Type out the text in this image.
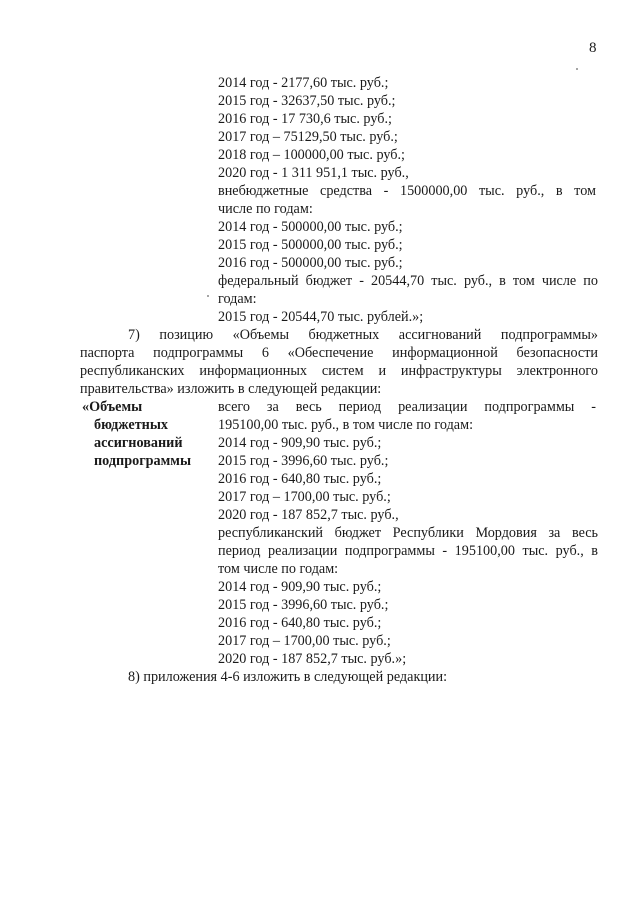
8
2014 год - 2177,60 тыс. руб.;
2015 год - 32637,50 тыс. руб.;
2016 год - 17 730,6 тыс. руб.;
2017 год – 75129,50 тыс. руб.;
2018 год – 100000,00 тыс. руб.;
2020 год - 1 311 951,1 тыс. руб.,
внебюджетные средства - 1500000,00 тыс. руб., в том
числе по годам:
2014 год - 500000,00 тыс. руб.;
2015 год - 500000,00 тыс. руб.;
2016 год - 500000,00 тыс. руб.;
федеральный бюджет - 20544,70 тыс. руб., в том числе по
годам:
2015 год - 20544,70 тыс. рублей.»;
7) позицию «Объемы бюджетных ассигнований подпрограммы»
паспорта подпрограммы 6 «Обеспечение информационной безопасности
республиканских информационных систем и инфраструктуры электронного
правительства» изложить в следующей редакции:
«Объемы
бюджетных
ассигнований
подпрограммы
всего за весь период реализации подпрограммы -
195100,00 тыс. руб., в том числе по годам:
2014 год - 909,90 тыс. руб.;
2015 год - 3996,60 тыс. руб.;
2016 год - 640,80 тыс. руб.;
2017 год – 1700,00 тыс. руб.;
2020 год - 187 852,7 тыс. руб.,
республиканский бюджет Республики Мордовия за весь
период реализации подпрограммы - 195100,00 тыс. руб., в
том числе по годам:
2014 год - 909,90 тыс. руб.;
2015 год - 3996,60 тыс. руб.;
2016 год - 640,80 тыс. руб.;
2017 год – 1700,00 тыс. руб.;
2020 год - 187 852,7 тыс. руб.»;
8) приложения 4-6 изложить в следующей редакции:
